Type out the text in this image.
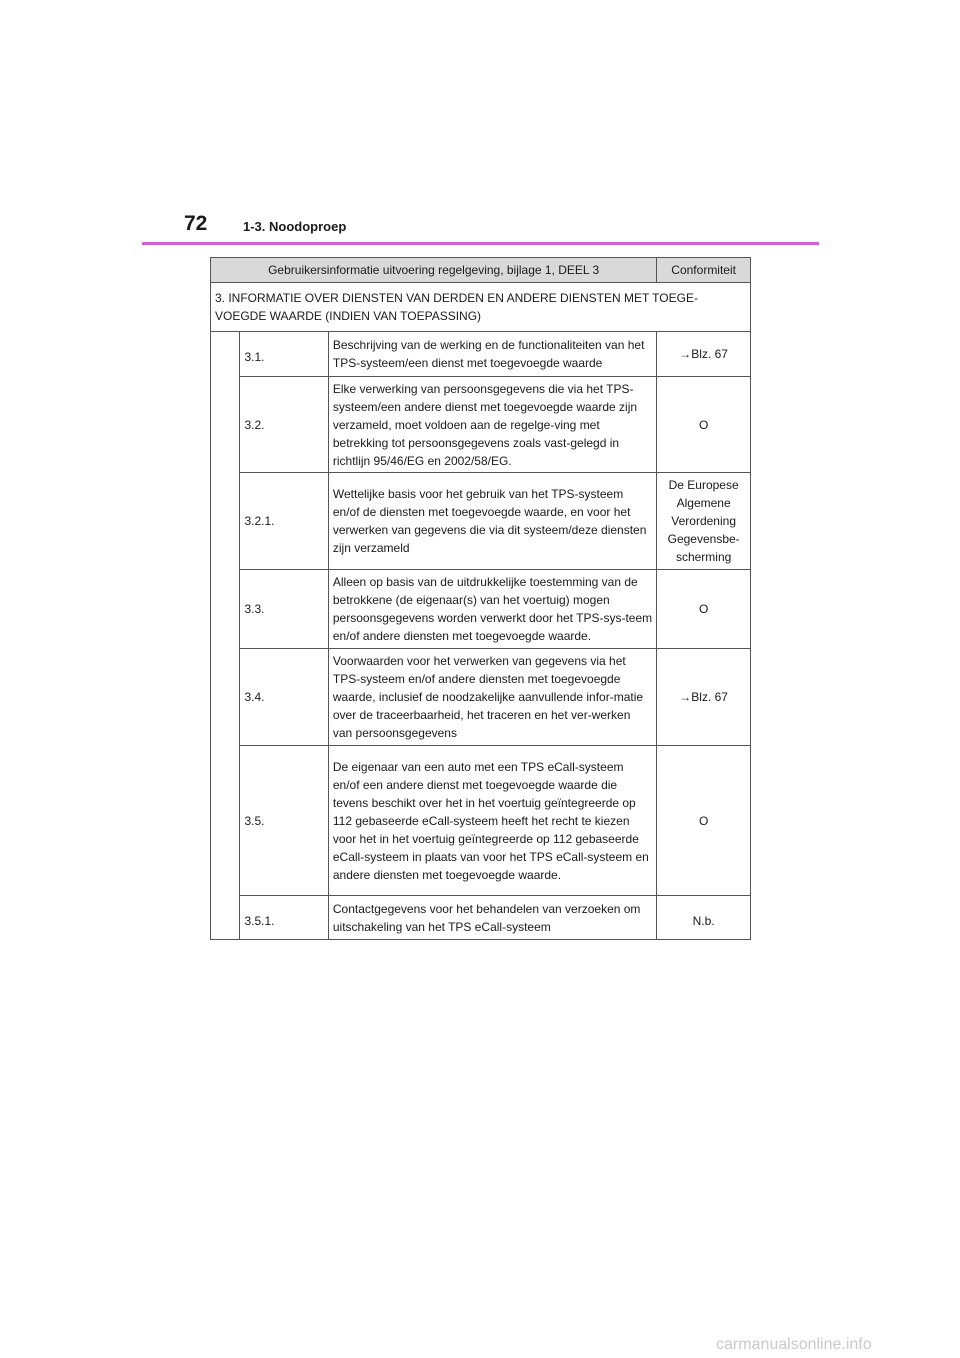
72	1-3. Noodoproep
Gebruikersinformatie uitvoering regelgeving, bijlage 1, DEEL 3			Conformiteit
3. INFORMATIE OVER DIENSTEN VAN DERDEN EN ANDERE DIENSTEN MET TOEGE-VOEGDE WAARDE (INDIEN VAN TOEPASSING)			
	3.1.	Beschrijving van de werking en de functionaliteiten van het TPS-systeem/een dienst met toegevoegde waarde	→Blz. 67
	3.2.	Elke verwerking van persoonsgegevens die via het TPS-systeem/een andere dienst met toegevoegde waarde zijn verzameld, moet voldoen aan de regelge-ving met betrekking tot persoonsgegevens zoals vast-gelegd in richtlijn 95/46/EG en 2002/58/EG.	O
	3.2.1.	Wettelijke basis voor het gebruik van het TPS-systeem en/of de diensten met toegevoegde waarde, en voor het verwerken van gegevens die via dit systeem/deze diensten zijn verzameld	De Europese Algemene Verordening Gegevensbe-scherming
	3.3.	Alleen op basis van de uitdrukkelijke toestemming van de betrokkene (de eigenaar(s) van het voertuig) mogen persoonsgegevens worden verwerkt door het TPS-sys-teem en/of andere diensten met toegevoegde waarde.	O
	3.4.	Voorwaarden voor het verwerken van gegevens via het TPS-systeem en/of andere diensten met toegevoegde waarde, inclusief de noodzakelijke aanvullende infor-matie over de traceerbaarheid, het traceren en het ver-werken van persoonsgegevens	→Blz. 67
	3.5.	De eigenaar van een auto met een TPS eCall-systeem en/of een andere dienst met toegevoegde waarde die tevens beschikt over het in het voertuig geïntegreerde op 112 gebaseerde eCall-systeem heeft het recht te kiezen voor het in het voertuig geïntegreerde op 112 gebaseerde eCall-systeem in plaats van voor het TPS eCall-systeem en andere diensten met toegevoegde waarde.	O
	3.5.1.	Contactgegevens voor het behandelen van verzoeken om uitschakeling van het TPS eCall-systeem	N.b.
carmanualsonline.info
